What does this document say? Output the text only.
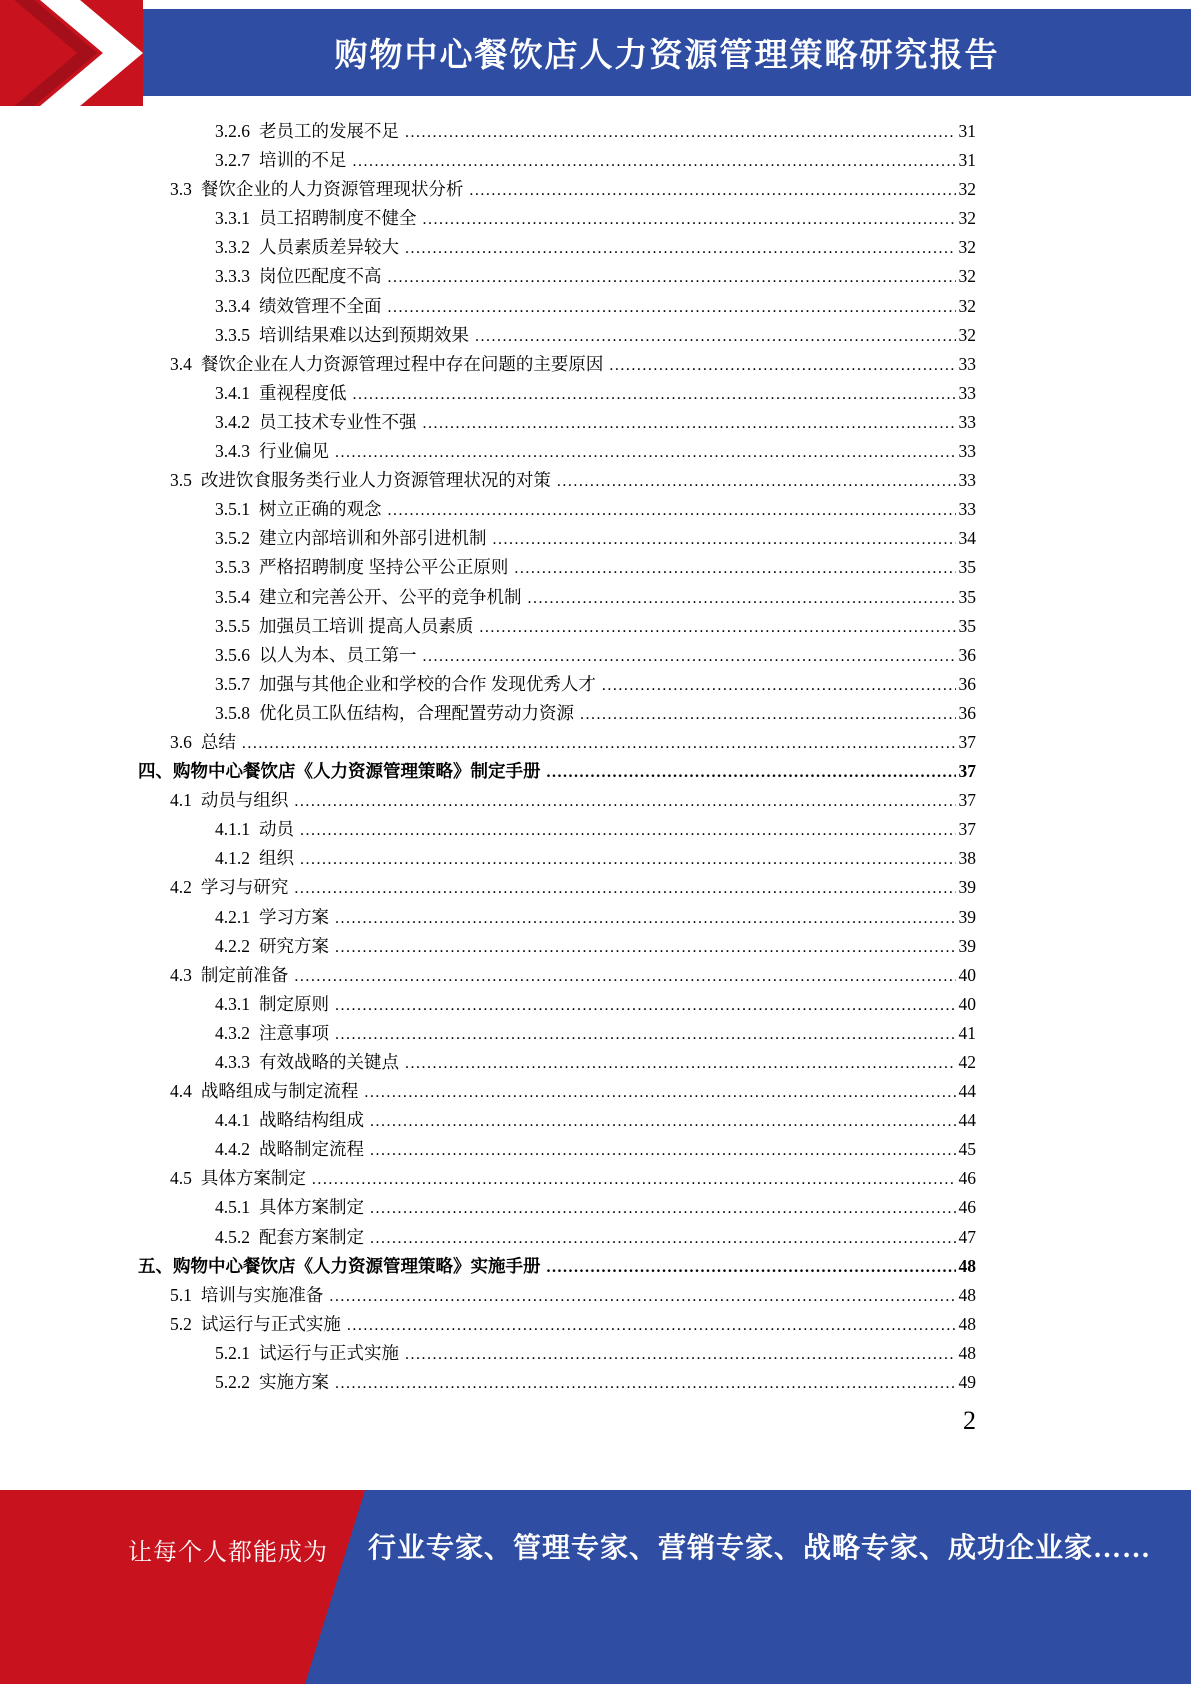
购物中心餐饮店人力资源管理策略研究报告
3.2.6 老员工的发展不足 .....	31
3.2.7 培训的不足 .....	31
3.3 餐饮企业的人力资源管理现状分析 .....	32
3.3.1 员工招聘制度不健全 .....	32
3.3.2 人员素质差异较大 .....	32
3.3.3 岗位匹配度不高 .....	32
3.3.4 绩效管理不全面 .....	32
3.3.5 培训结果难以达到预期效果 .....	32
3.4 餐饮企业在人力资源管理过程中存在问题的主要原因 .....	33
3.4.1 重视程度低 .....	33
3.4.2 员工技术专业性不强 .....	33
3.4.3 行业偏见 .....	33
3.5 改进饮食服务类行业人力资源管理状况的对策 .....	33
3.5.1 树立正确的观念 .....	33
3.5.2 建立内部培训和外部引进机制 .....	34
3.5.3 严格招聘制度 坚持公平公正原则 .....	35
3.5.4 建立和完善公开、公平的竞争机制 .....	35
3.5.5 加强员工培训 提高人员素质 .....	35
3.5.6 以人为本、员工第一 .....	36
3.5.7 加强与其他企业和学校的合作 发现优秀人才 .....	36
3.5.8 优化员工队伍结构，合理配置劳动力资源 .....	36
3.6 总结 .....	37
四、 购物中心餐饮店《人力资源管理策略》制定手册 .....	37
4.1 动员与组织 .....	37
4.1.1 动员 .....	37
4.1.2 组织 .....	38
4.2 学习与研究 .....	39
4.2.1 学习方案 .....	39
4.2.2 研究方案 .....	39
4.3 制定前准备 .....	40
4.3.1 制定原则 .....	40
4.3.2 注意事项 .....	41
4.3.3 有效战略的关键点 .....	42
4.4 战略组成与制定流程 .....	44
4.4.1 战略结构组成 .....	44
4.4.2 战略制定流程 .....	45
4.5 具体方案制定 .....	46
4.5.1 具体方案制定 .....	46
4.5.2 配套方案制定 .....	47
五、 购物中心餐饮店《人力资源管理策略》实施手册 .....	48
5.1 培训与实施准备 .....	48
5.2 试运行与正式实施 .....	48
5.2.1 试运行与正式实施 .....	48
5.2.2 实施方案 .....	49
2
让每个人都能成为 行业专家、管理专家、营销专家、战略专家、成功企业家……
